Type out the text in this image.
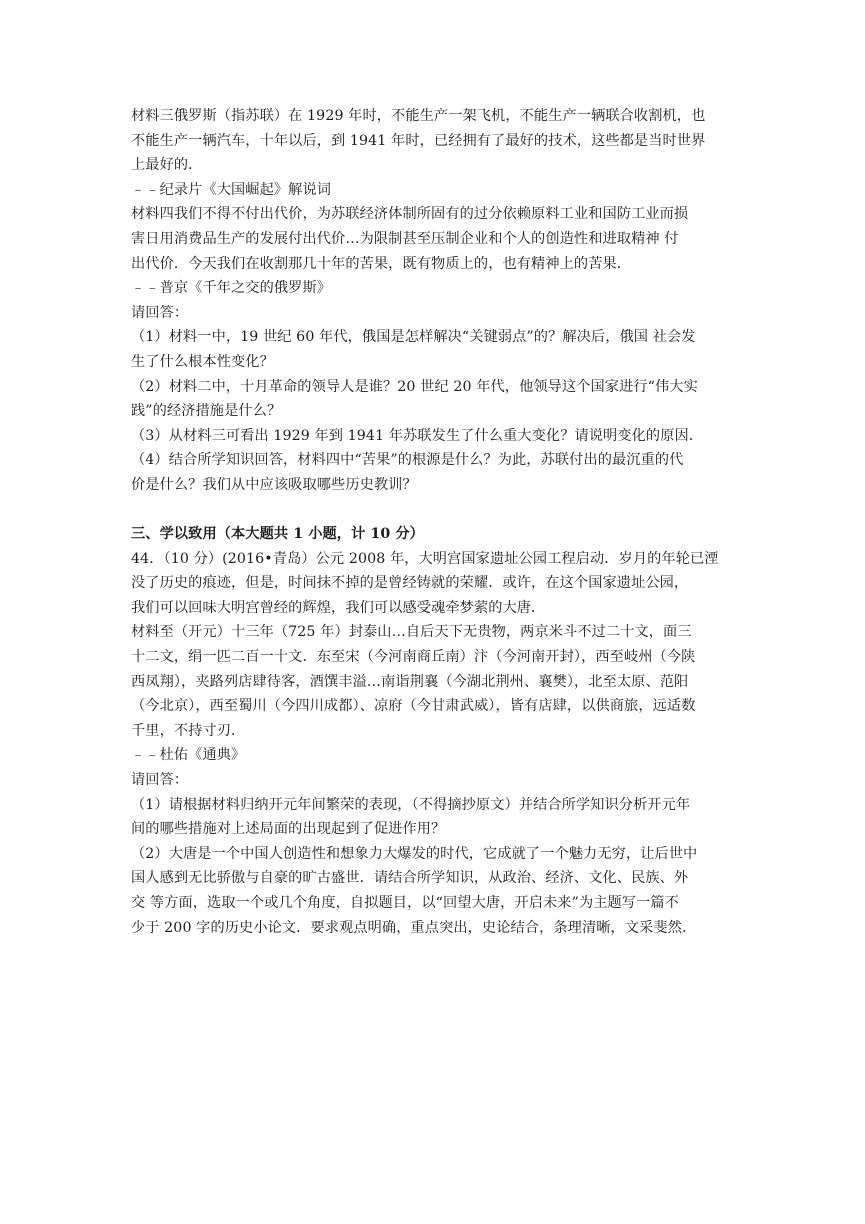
材料三俄罗斯（指苏联）在 1929 年时，不能生产一架飞机，不能生产一辆联合收割机，也
不能生产一辆汽车，十年以后，到 1941 年时，已经拥有了最好的技术，这些都是当时世界
上最好的．
﹣﹣纪录片《大国崛起》解说词
材料四我们不得不付出代价，为苏联经济体制所固有的过分依赖原料工业和国防工业而损
害日用消费品生产的发展付出代价…为限制甚至压制企业和个人的创造性和进取精神 付
出代价．今天我们在收割那几十年的苦果，既有物质上的，也有精神上的苦果．
﹣﹣普京《千年之交的俄罗斯》
请回答：
（1）材料一中，19 世纪 60 年代，俄国是怎样解决“关键弱点”的？解决后，俄国 社会发
生了什么根本性变化？
（2）材料二中，十月革命的领导人是谁？20 世纪 20 年代，他领导这个国家进行“伟大实
践”的经济措施是什么？
（3）从材料三可看出 1929 年到 1941 年苏联发生了什么重大变化？请说明变化的原因．
（4）结合所学知识回答，材料四中“苦果”的根源是什么？为此，苏联付出的最沉重的代
价是什么？我们从中应该吸取哪些历史教训？
三、学以致用（本大题共 1 小题，计 10 分）
44．（10 分）(2016•青岛）公元 2008 年，大明宫国家遗址公园工程启动．岁月的年轮已湮
没了历史的痕迹，但是，时间抹不掉的是曾经铸就的荣耀．或许，在这个国家遗址公园，
我们可以回味大明宫曾经的辉煌，我们可以感受魂牵梦萦的大唐．
材料至（开元）十三年（725 年）封泰山…自后天下无贵物，两京米斗不过二十文，面三
十二文，绢一匹二百一十文．东至宋（今河南商丘南）汴（今河南开封），西至岐州（今陕
西凤翔），夹路列店肆待客，酒馔丰溢…南诣荆襄（今湖北荆州、襄樊），北至太原、范阳
（今北京），西至蜀川（今四川成都）、凉府（今甘肃武威），皆有店肆，以供商旅，远适数
千里，不持寸刃．
﹣﹣杜佑《通典》
请回答：
（1）请根据材料归纳开元年间繁荣的表现，（不得摘抄原文）并结合所学知识分析开元年
间的哪些措施对上述局面的出现起到了促进作用？
（2）大唐是一个中国人创造性和想象力大爆发的时代，它成就了一个魅力无穷，让后世中
国人感到无比骄傲与自豪的旷古盛世．请结合所学知识，从政治、经济、文化、民族、外
交 等方面，选取一个或几个角度，自拟题目，以“回望大唐，开启未来”为主题写一篇不
少于 200 字的历史小论文．要求观点明确，重点突出，史论结合，条理清晰，文采斐然．
